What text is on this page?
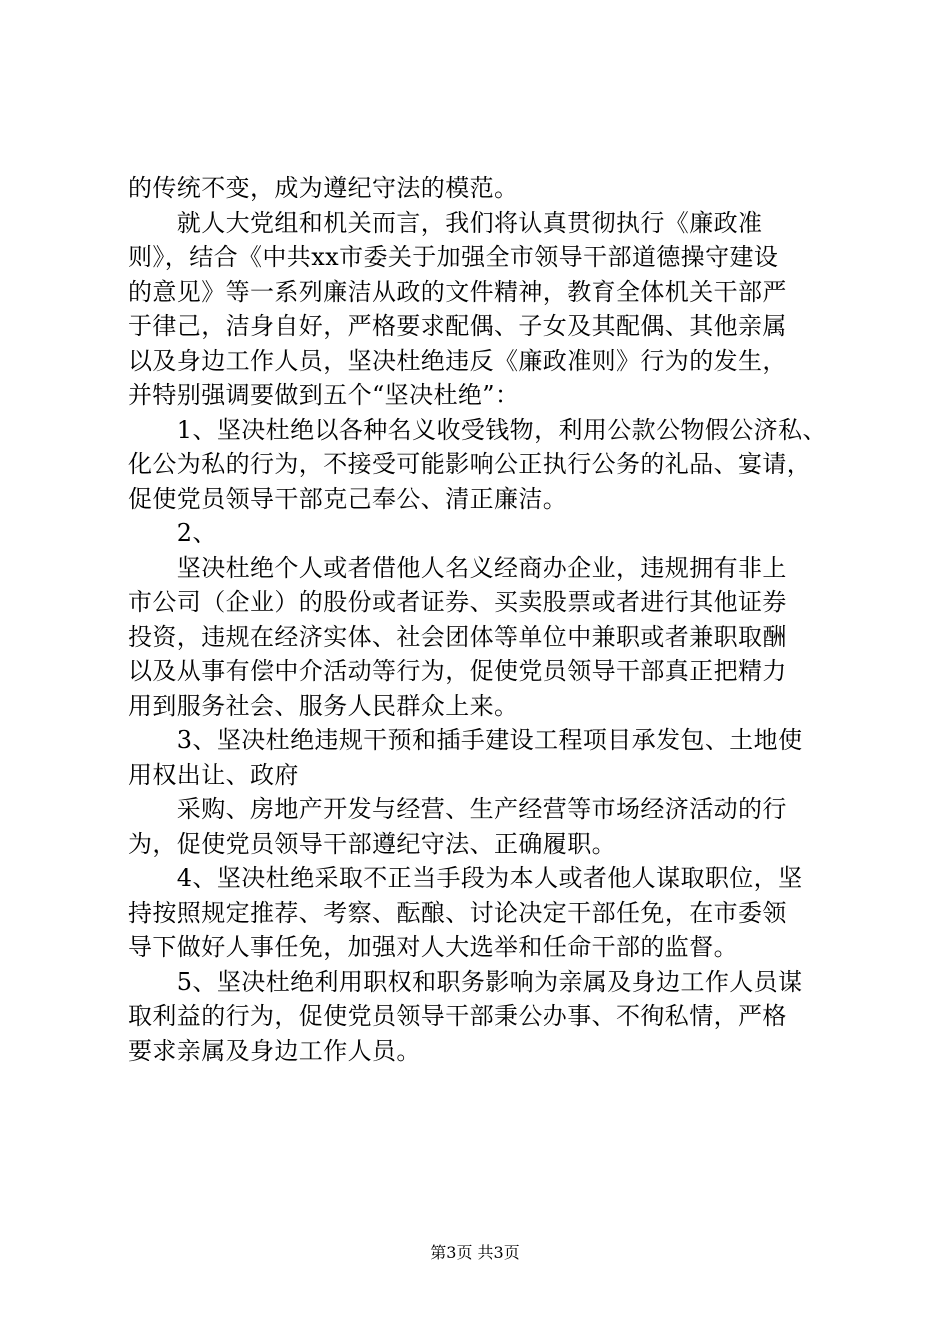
的传统不变，成为遵纪守法的模范。
　　就人大党组和机关而言，我们将认真贯彻执行《廉政准
则》，结合《中共xx市委关于加强全市领导干部道德操守建设
的意见》等一系列廉洁从政的文件精神，教育全体机关干部严
于律己，洁身自好，严格要求配偶、子女及其配偶、其他亲属
以及身边工作人员，坚决杜绝违反《廉政准则》行为的发生，
并特别强调要做到五个“坚决杜绝”：
　　1、坚决杜绝以各种名义收受钱物，利用公款公物假公济私、
化公为私的行为，不接受可能影响公正执行公务的礼品、宴请，
促使党员领导干部克己奉公、清正廉洁。
　　2、
　　坚决杜绝个人或者借他人名义经商办企业，违规拥有非上
市公司（企业）的股份或者证券、买卖股票或者进行其他证券
投资，违规在经济实体、社会团体等单位中兼职或者兼职取酬
以及从事有偿中介活动等行为，促使党员领导干部真正把精力
用到服务社会、服务人民群众上来。
　　3、坚决杜绝违规干预和插手建设工程项目承发包、土地使
用权出让、政府
　　采购、房地产开发与经营、生产经营等市场经济活动的行
为，促使党员领导干部遵纪守法、正确履职。
　　4、坚决杜绝采取不正当手段为本人或者他人谋取职位，坚
持按照规定推荐、考察、酝酿、讨论决定干部任免，在市委领
导下做好人事任免，加强对人大选举和任命干部的监督。
　　5、坚决杜绝利用职权和职务影响为亲属及身边工作人员谋
取利益的行为，促使党员领导干部秉公办事、不徇私情，严格
要求亲属及身边工作人员。
第3页 共3页
